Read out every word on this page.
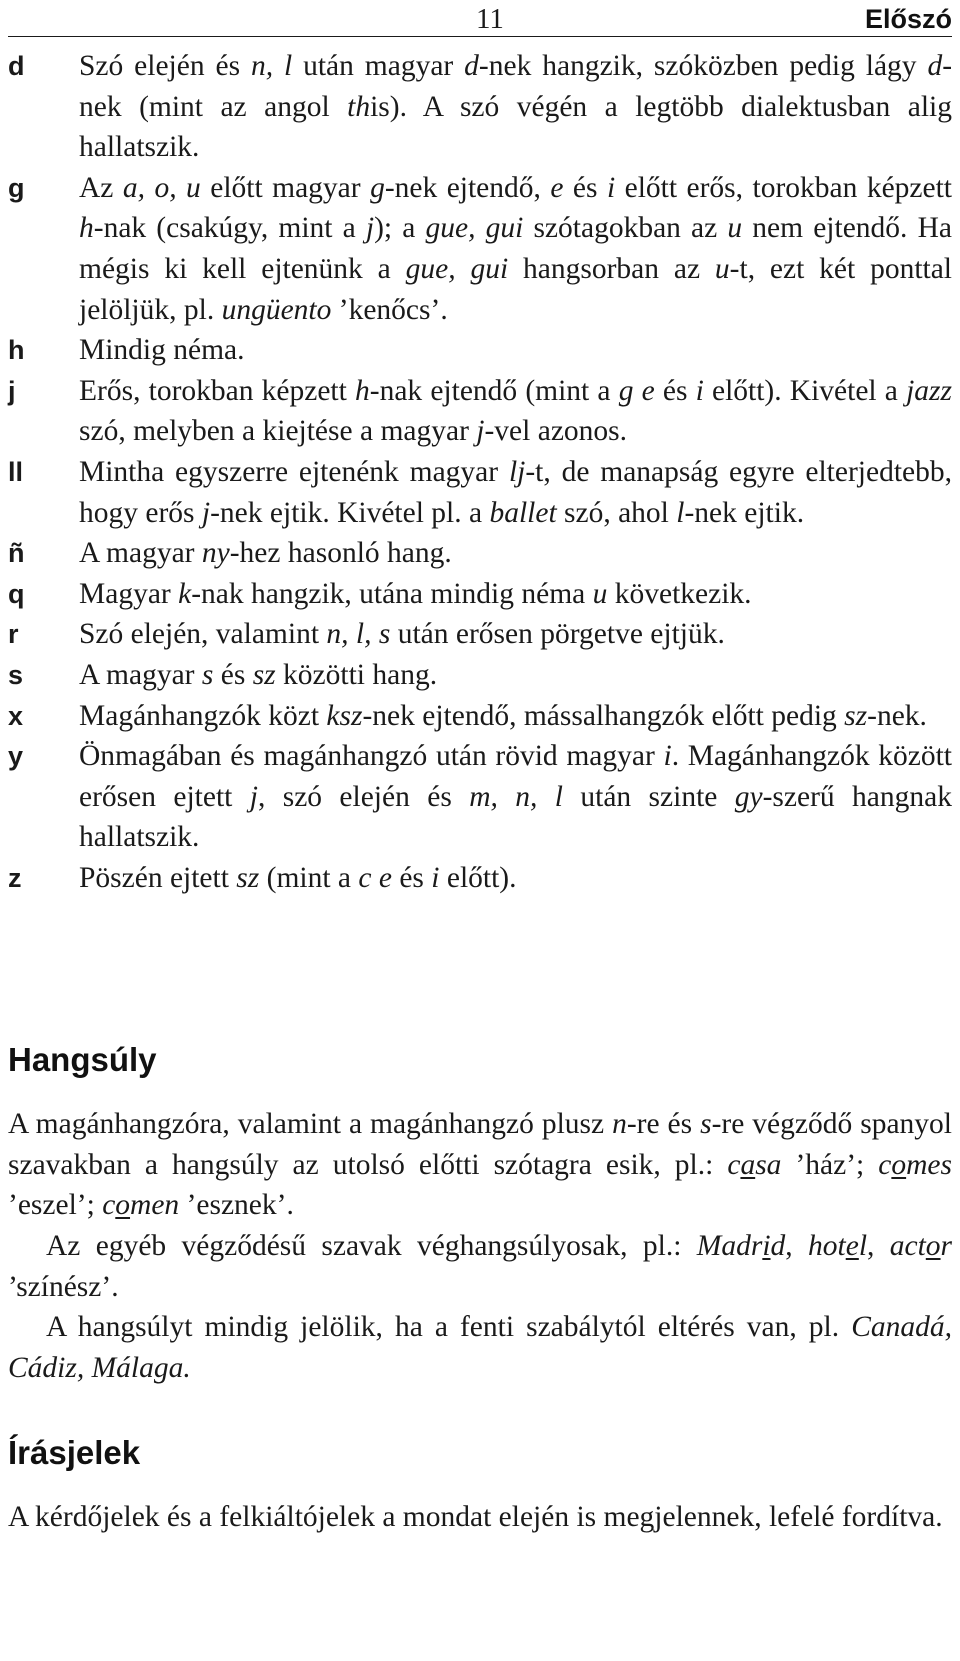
11	Előszó
d	Szó elején és n, l után magyar d-nek hangzik, szóközben pedig lágy d-nek (mint az angol this). A szó végén a legtöbb dialektusban alig hallatszik.
g	Az a, o, u előtt magyar g-nek ejtendő, e és i előtt erős, torokban képzett h-nak (csakúgy, mint a j); a gue, gui szótagokban az u nem ejtendő. Ha mégis ki kell ejtenünk a gue, gui hangsorban az u-t, ezt két ponttal jelöljük, pl. ungüento ’kenőcs’.
h	Mindig néma.
j	Erős, torokban képzett h-nak ejtendő (mint a g e és i előtt). Kivétel a jazz szó, melyben a kiejtése a magyar j-vel azonos.
ll	Mintha egyszerre ejtenénk magyar lj-t, de manapság egyre elterjedtebb, hogy erős j-nek ejtik. Kivétel pl. a ballet szó, ahol l-nek ejtik.
ñ	A magyar ny-hez hasonló hang.
q	Magyar k-nak hangzik, utána mindig néma u következik.
r	Szó elején, valamint n, l, s után erősen pörgetve ejtjük.
s	A magyar s és sz közötti hang.
x	Magánhangzók közt ksz-nek ejtendő, mássalhangzók előtt pedig sz-nek.
y	Önmagában és magánhangzó után rövid magyar i. Magánhangzók között erősen ejtett j, szó elején és m, n, l után szinte gy-szerű hangnak hallatszik.
z	Pöszén ejtett sz (mint a c e és i előtt).
Hangsúly

A magánhangzóra, valamint a magánhangzó plusz n-re és s-re végződő spanyol szavakban a hangsúly az utolsó előtti szótagra esik, pl.: casa ’ház’; comes ’eszel’; comen ’esznek’.

Az egyéb végződésű szavak véghangsúlyosak, pl.: Madrid, hotel, actor ’színész’.

A hangsúlyt mindig jelölik, ha a fenti szabálytól eltérés van, pl. Canadá, Cádiz, Málaga.

Írásjelek

A kérdőjelek és a felkiáltójelek a mondat elején is megjelennek, lefelé fordítva.
